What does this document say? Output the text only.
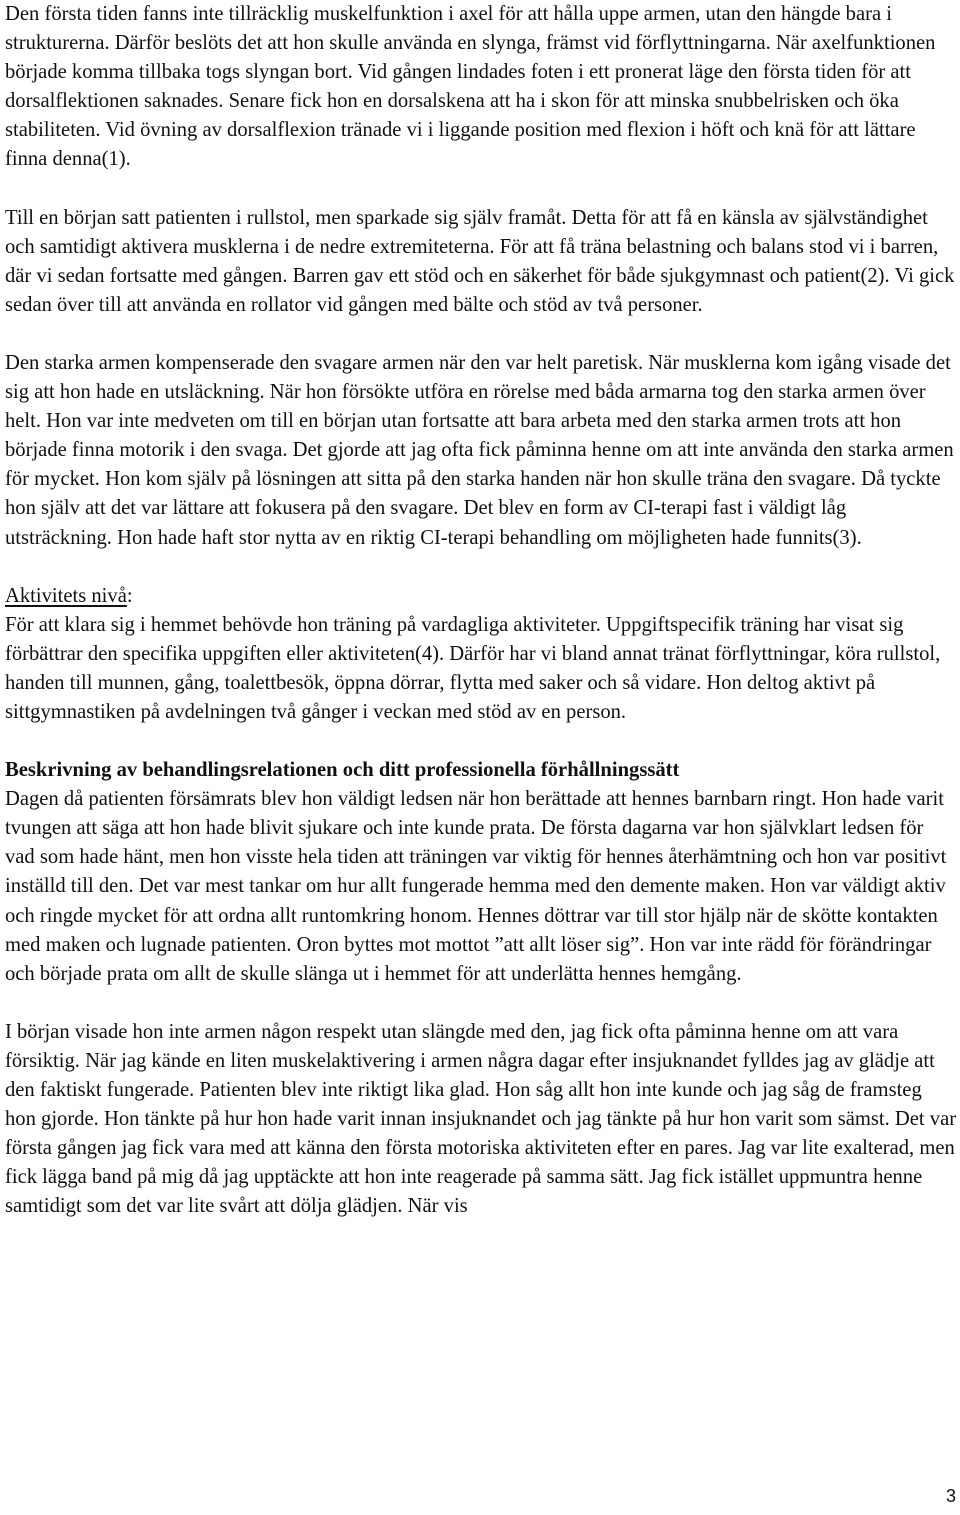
Den första tiden fanns inte tillräcklig muskelfunktion i axel för att hålla uppe armen, utan den hängde bara i strukturerna. Därför beslöts det att hon skulle använda en slynga, främst vid förflyttningarna. När axelfunktionen började komma tillbaka togs slyngan bort. Vid gången lindades foten i ett pronerat läge den första tiden för att dorsalflektionen saknades. Senare fick hon en dorsalskena att ha i skon för att minska snubbelrisken och öka stabiliteten. Vid övning av dorsalflexion tränade vi i liggande position med flexion i höft och knä för att lättare finna denna(1).

Till en början satt patienten i rullstol, men sparkade sig själv framåt. Detta för att få en känsla av självständighet och samtidigt aktivera musklerna i de nedre extremiteterna. För att få träna belastning och balans stod vi i barren, där vi sedan fortsatte med gången. Barren gav ett stöd och en säkerhet för både sjukgymnast och patient(2). Vi gick sedan över till att använda en rollator vid gången med bälte och stöd av två personer.

Den starka armen kompenserade den svagare armen när den var helt paretisk. När musklerna kom igång visade det sig att hon hade en utsläckning. När hon försökte utföra en rörelse med båda armarna tog den starka armen över helt. Hon var inte medveten om till en början utan fortsatte att bara arbeta med den starka armen trots att hon började finna motorik i den svaga. Det gjorde att jag ofta fick påminna henne om att inte använda den starka armen för mycket. Hon kom själv på lösningen att sitta på den starka handen när hon skulle träna den svagare. Då tyckte hon själv att det var lättare att fokusera på den svagare. Det blev en form av CI-terapi fast i väldigt låg utsträckning. Hon hade haft stor nytta av en riktig CI-terapi behandling om möjligheten hade funnits(3).

Aktivitets nivå:

För att klara sig i hemmet behövde hon träning på vardagliga aktiviteter. Uppgiftspecifik träning har visat sig förbättrar den specifika uppgiften eller aktiviteten(4). Därför har vi bland annat tränat förflyttningar, köra rullstol, handen till munnen, gång, toalettbesök, öppna dörrar, flytta med saker och så vidare. Hon deltog aktivt på sittgymnastiken på avdelningen två gånger i veckan med stöd av en person.

Beskrivning av behandlingsrelationen och ditt professionella förhållningssätt

Dagen då patienten försämrats blev hon väldigt ledsen när hon berättade att hennes barnbarn ringt. Hon hade varit tvungen att säga att hon hade blivit sjukare och inte kunde prata. De första dagarna var hon självklart ledsen för vad som hade hänt, men hon visste hela tiden att träningen var viktig för hennes återhämtning och hon var positivt inställd till den. Det var mest tankar om hur allt fungerade hemma med den demente maken. Hon var väldigt aktiv och ringde mycket för att ordna allt runtomkring honom. Hennes döttrar var till stor hjälp när de skötte kontakten med maken och lugnade patienten. Oron byttes mot mottot ”att allt löser sig”. Hon var inte rädd för förändringar och började prata om allt de skulle slänga ut i hemmet för att underlätta hennes hemgång.

I början visade hon inte armen någon respekt utan slängde med den, jag fick ofta påminna henne om att vara försiktig. När jag kände en liten muskelaktivering i armen några dagar efter insjuknandet fylldes jag av glädje att den faktiskt fungerade. Patienten blev inte riktigt lika glad. Hon såg allt hon inte kunde och jag såg de framsteg hon gjorde. Hon tänkte på hur hon hade varit innan insjuknandet och jag tänkte på hur hon varit som sämst. Det var första gången jag fick vara med att känna den första motoriska aktiviteten efter en pares. Jag var lite exalterad, men fick lägga band på mig då jag upptäckte att hon inte reagerade på samma sätt. Jag fick istället uppmuntra henne samtidigt som det var lite svårt att dölja glädjen. När vis

3
